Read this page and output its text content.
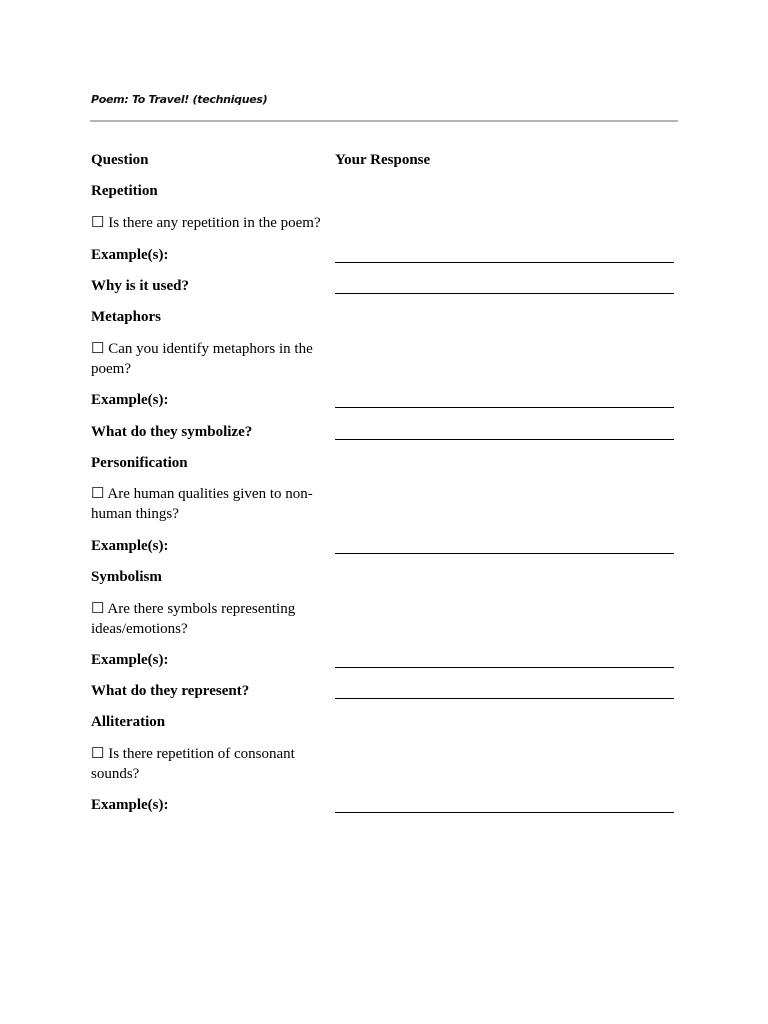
Poem: To Travel! (techniques)
Question	Your Response
Repetition
☐ Is there any repetition in the poem?
Example(s):
Why is it used?
Metaphors
☐ Can you identify metaphors in the poem?
Example(s):
What do they symbolize?
Personification
☐ Are human qualities given to non-human things?
Example(s):
Symbolism
☐ Are there symbols representing ideas/emotions?
Example(s):
What do they represent?
Alliteration
☐ Is there repetition of consonant sounds?
Example(s):
